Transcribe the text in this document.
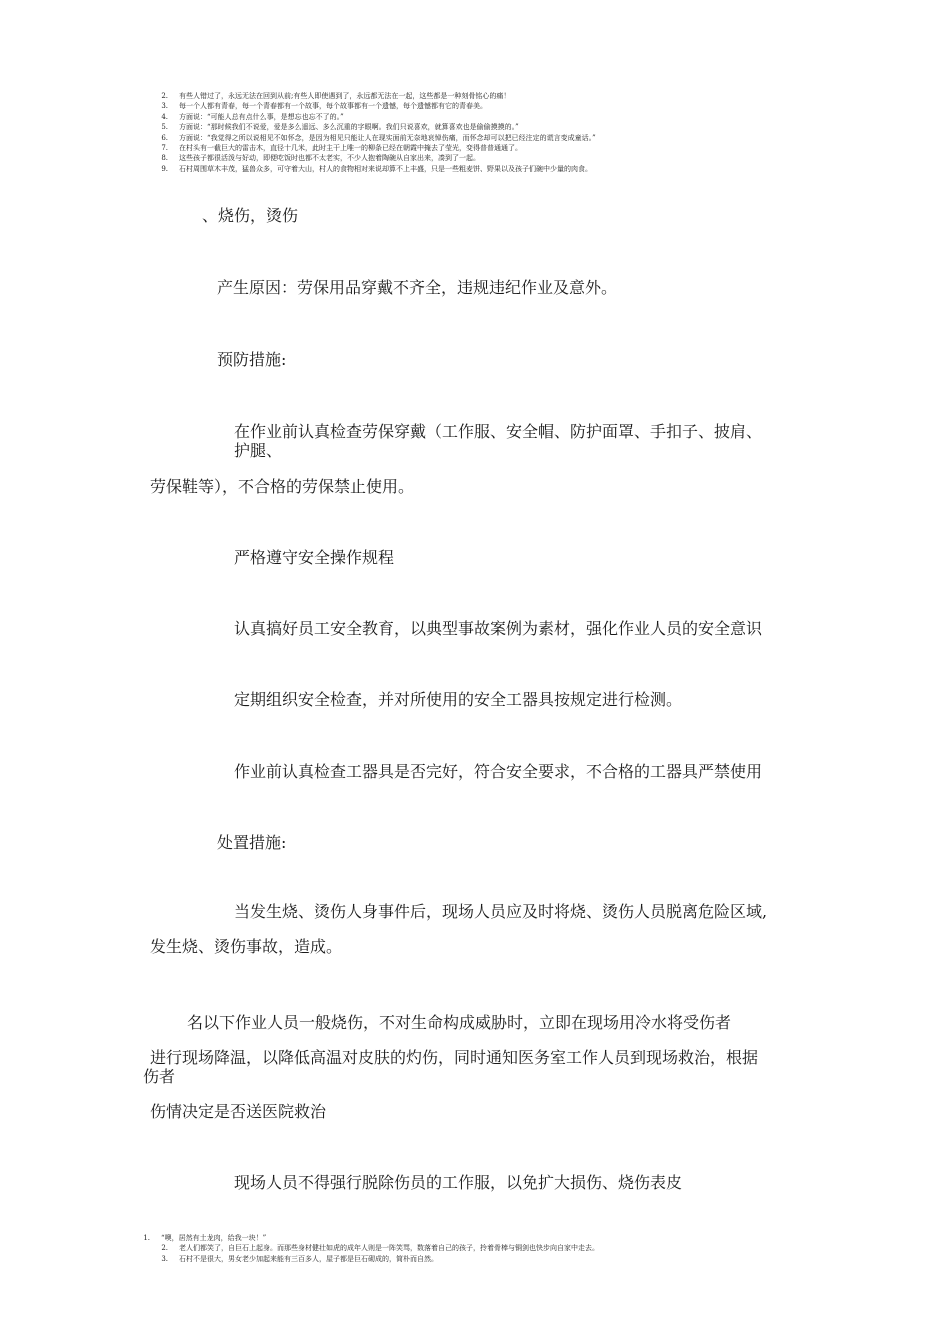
2. 有些人错过了，永远无法在回到从前;有些人即使遇到了，永远都无法在一起，这些都是一种刻骨铭心的痛！
3. 每一个人都有青春，每一个青春都有一个故事，每个故事都有一个遗憾，每个遗憾都有它的青春美。
4. 方面说：“可能人总有点什么事，是想忘也忘不了的。”
5. 方面说：“那时候我们不说爱，爱是多么遥远、多么沉重的字眼啊。我们只说喜欢，就算喜欢也是偷偷摸摸的。”
6. 方面说：“我觉得之所以说相见不如怀念，是因为相见只能让人在现实面前无奈地哀悼伤痛，而怀念却可以把已经注定的谎言变成童话。”
7. 在村头有一截巨大的雷击木，直径十几米，此时主干上唯一的柳条已经在朝霞中掩去了莹光，变得普普通通了。
8. 这些孩子都很活泼与好动，即便吃饭时也都不太老实，不少人抱着陶碗从自家出来，凑到了一起。
9. 石村周围草木丰茂，猛兽众多，可守着大山，村人的食物相对来说却算不上丰盛，只是一些粗麦饼、野果以及孩子们碗中少量的肉食。
、烧伤，烫伤
产生原因：劳保用品穿戴不齐全，违规违纪作业及意外。
预防措施:
在作业前认真检查劳保穿戴（工作服、安全帽、防护面罩、手扣子、披肩、
护腿、
劳保鞋等），不合格的劳保禁止使用。
严格遵守安全操作规程
认真搞好员工安全教育，以典型事故案例为素材，强化作业人员的安全意识
定期组织安全检查，并对所使用的安全工器具按规定进行检测。
作业前认真检查工器具是否完好，符合安全要求，不合格的工器具严禁使用
处置措施:
当发生烧、烫伤人身事件后，现场人员应及时将烧、烫伤人员脱离危险区域,
发生烧、烫伤事故，造成。
名以下作业人员一般烧伤，不对生命构成威胁时，立即在现场用冷水将受伤者
进行现场降温，以降低高温对皮肤的灼伤，同时通知医务室工作人员到现场救治，根据
伤者
伤情决定是否送医院救治
现场人员不得强行脱除伤员的工作服，以免扩大损伤、烧伤表皮
1. “噢，居然有土龙肉，给我一块！”
2. 老人们都笑了，自巨石上起身。而那些身材健壮如虎的成年人则是一阵笑骂，数落着自己的孩子，拎着骨棒与铜剑也快步向自家中走去。
3. 石村不是很大，男女老少加起来能有三百多人，屋子都是巨石砌成的，简朴而自然。
